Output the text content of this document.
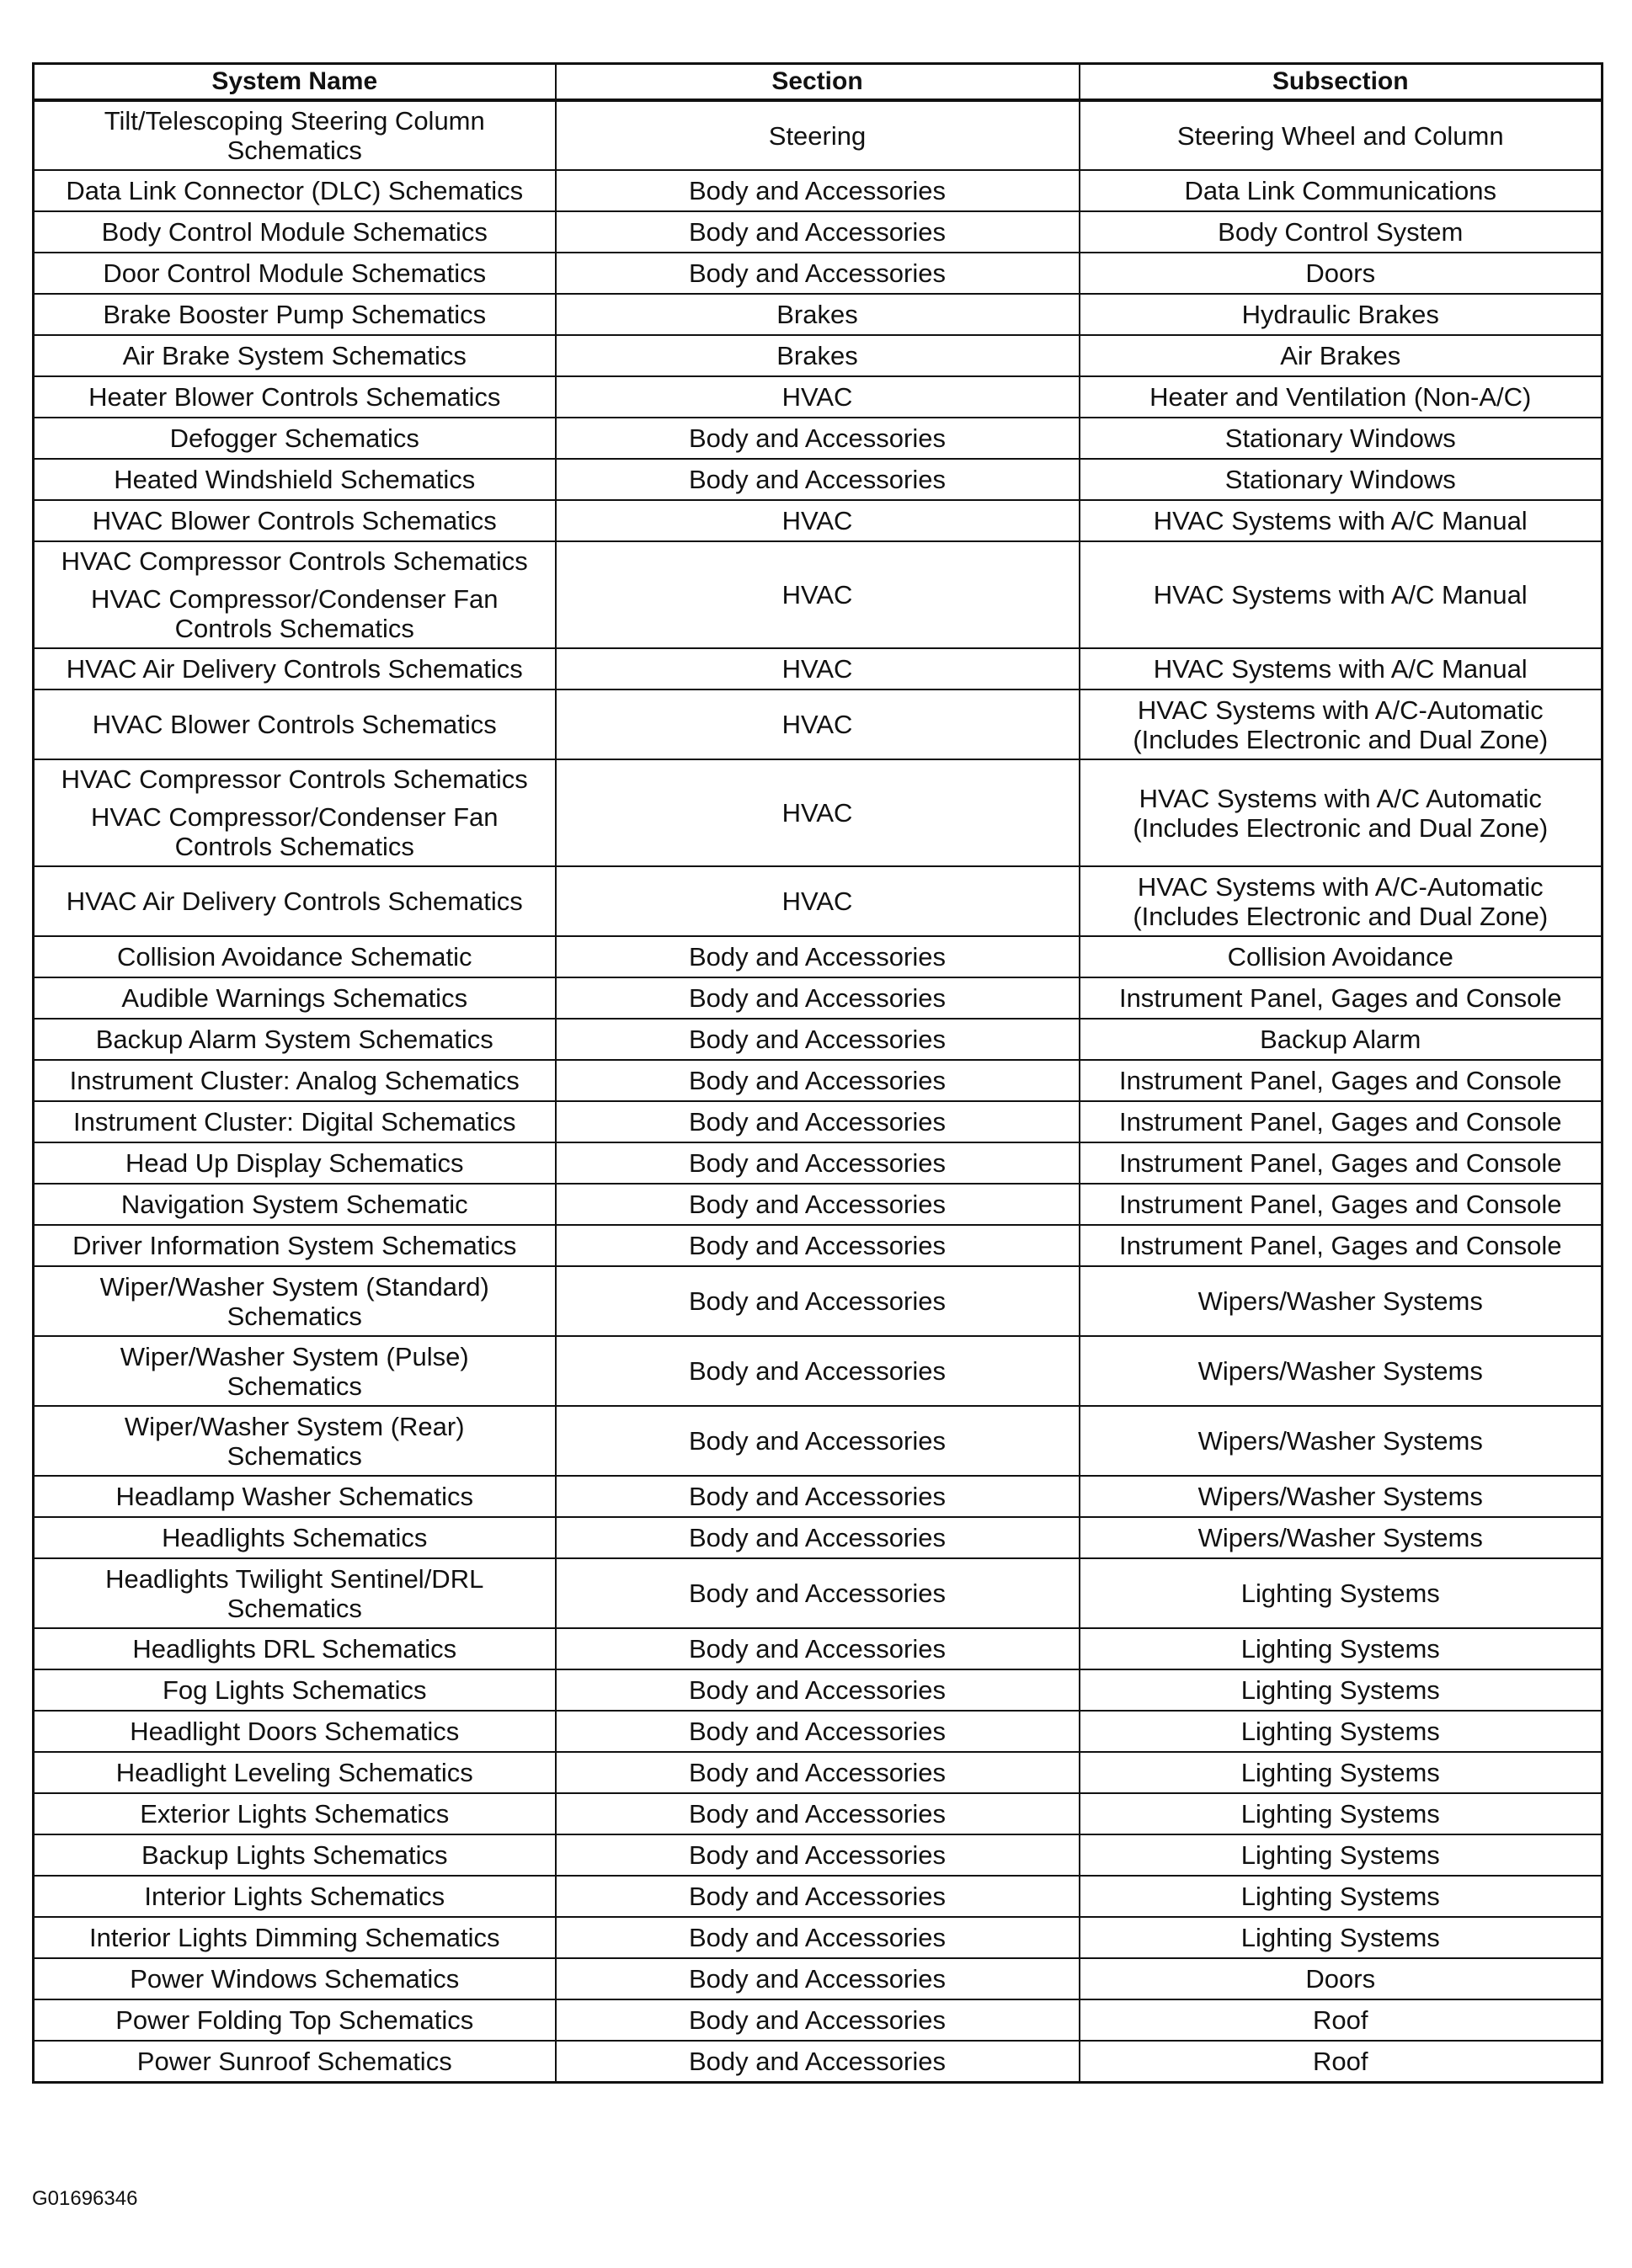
System Name	Section	Subsection

Tilt/Telescoping Steering Column
Schematics	Steering	Steering Wheel and Column

Data Link Connector (DLC) Schematics	Body and Accessories	Data Link Communications

Body Control Module Schematics	Body and Accessories	Body Control System

Door Control Module Schematics	Body and Accessories	Doors

Brake Booster Pump Schematics	Brakes	Hydraulic Brakes

Air Brake System Schematics	Brakes	Air Brakes

Heater Blower Controls Schematics	HVAC	Heater and Ventilation (Non-A/C)

Defogger Schematics	Body and Accessories	Stationary Windows

Heated Windshield Schematics	Body and Accessories	Stationary Windows

HVAC Blower Controls Schematics	HVAC	HVAC Systems with A/C Manual

HVAC Compressor Controls Schematics
HVAC Compressor/Condenser Fan
Controls Schematics	HVAC	HVAC Systems with A/C Manual

HVAC Air Delivery Controls Schematics	HVAC	HVAC Systems with A/C Manual

HVAC Blower Controls Schematics	HVAC	HVAC Systems with A/C-Automatic
(Includes Electronic and Dual Zone)

HVAC Compressor Controls Schematics
HVAC Compressor/Condenser Fan
Controls Schematics	HVAC	HVAC Systems with A/C Automatic
(Includes Electronic and Dual Zone)

HVAC Air Delivery Controls Schematics	HVAC	HVAC Systems with A/C-Automatic
(Includes Electronic and Dual Zone)

Collision Avoidance Schematic	Body and Accessories	Collision Avoidance

Audible Warnings Schematics	Body and Accessories	Instrument Panel, Gages and Console

Backup Alarm System Schematics	Body and Accessories	Backup Alarm

Instrument Cluster: Analog Schematics	Body and Accessories	Instrument Panel, Gages and Console

Instrument Cluster: Digital Schematics	Body and Accessories	Instrument Panel, Gages and Console

Head Up Display Schematics	Body and Accessories	Instrument Panel, Gages and Console

Navigation System Schematic	Body and Accessories	Instrument Panel, Gages and Console

Driver Information System Schematics	Body and Accessories	Instrument Panel, Gages and Console

Wiper/Washer System (Standard)
Schematics	Body and Accessories	Wipers/Washer Systems

Wiper/Washer System (Pulse)
Schematics	Body and Accessories	Wipers/Washer Systems

Wiper/Washer System (Rear)
Schematics	Body and Accessories	Wipers/Washer Systems

Headlamp Washer Schematics	Body and Accessories	Wipers/Washer Systems

Headlights Schematics	Body and Accessories	Wipers/Washer Systems

Headlights Twilight Sentinel/DRL
Schematics	Body and Accessories	Lighting Systems

Headlights DRL Schematics	Body and Accessories	Lighting Systems

Fog Lights Schematics	Body and Accessories	Lighting Systems

Headlight Doors Schematics	Body and Accessories	Lighting Systems

Headlight Leveling Schematics	Body and Accessories	Lighting Systems

Exterior Lights Schematics	Body and Accessories	Lighting Systems

Backup Lights Schematics	Body and Accessories	Lighting Systems

Interior Lights Schematics	Body and Accessories	Lighting Systems

Interior Lights Dimming Schematics	Body and Accessories	Lighting Systems

Power Windows Schematics	Body and Accessories	Doors

Power Folding Top Schematics	Body and Accessories	Roof

Power Sunroof Schematics	Body and Accessories	Roof
G01696346
